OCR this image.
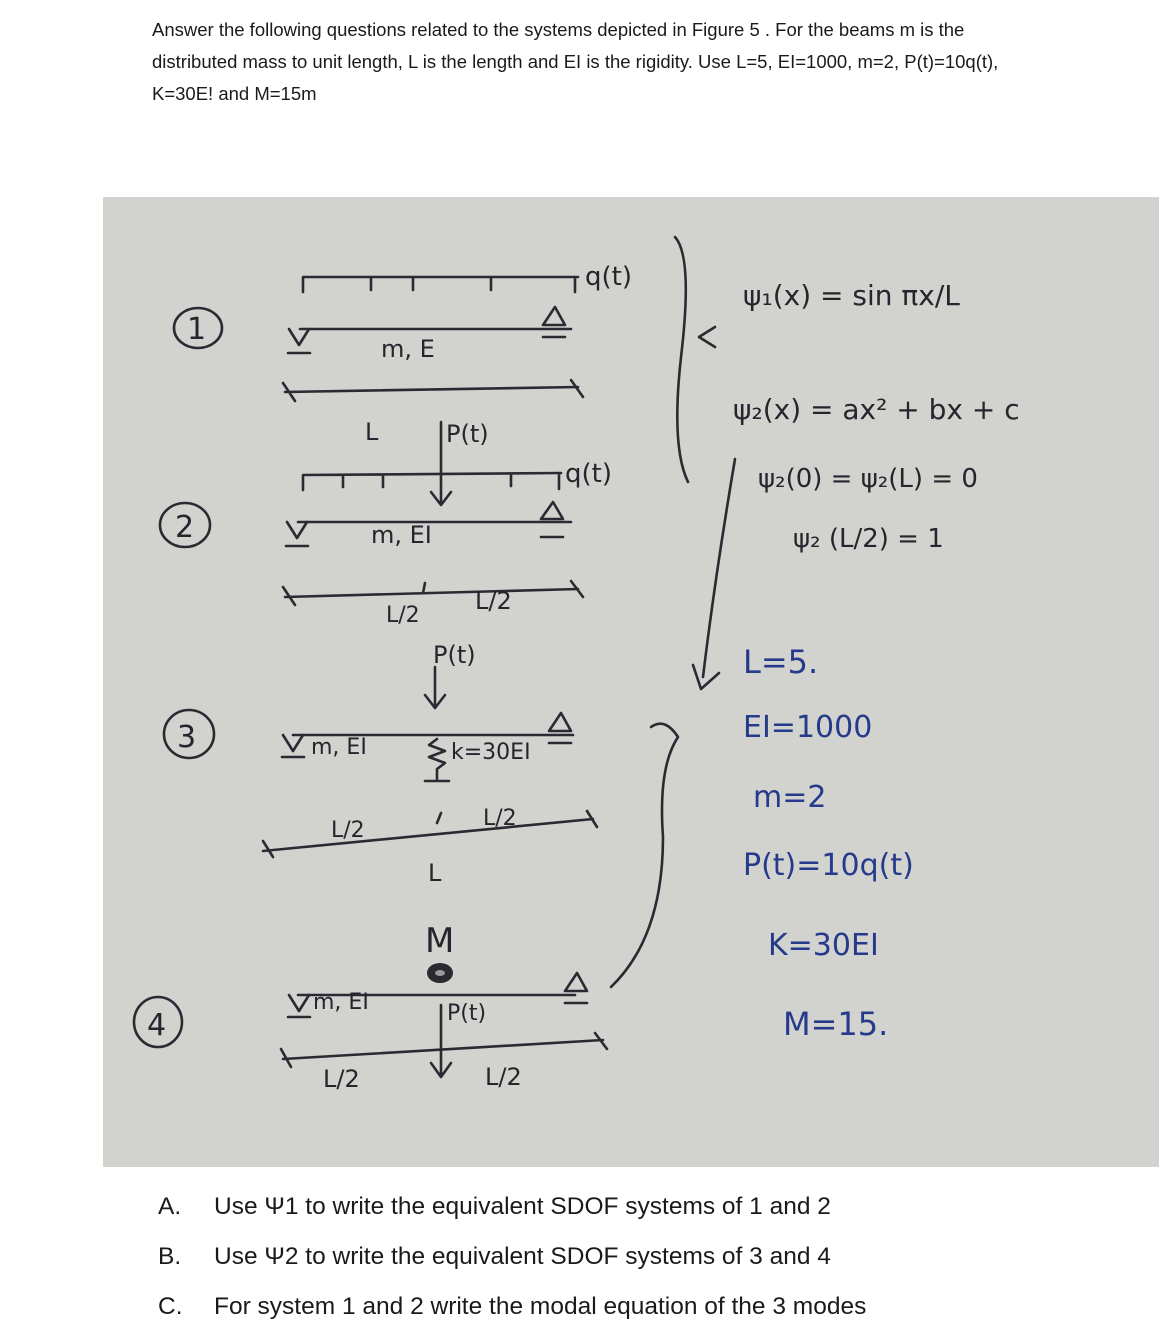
Answer the following questions related to the systems depicted in Figure 5 . For the beams m is the

distributed mass to unit length, L is the length and EI is the rigidity. Use L=5, EI=1000, m=2, P(t)=10q(t),

K=30E! and M=15m

1
q(t)
m, E
L
2
P(t)
q(t)
m, EI
L/2
L/2
3
P(t)
m, EI	k=30EI
L/2	L/2
L
4
M
m, EI	P(t)
L/2	L/2
ψ₁(x) = sin πx/L
ψ₂(x) = ax² + bx + c
ψ₂(0) = ψ₂(L) = 0
ψ₂ (L/2) = 1
L=5.
EI=1000
m=2
P(t)=10q(t)
K=30EI
M=15.
A.	Use Ψ1 to write the equivalent SDOF systems of 1 and 2
B.	Use Ψ2 to write the equivalent SDOF systems of 3 and 4
C.	For system 1 and 2 write the modal equation of the 3 modes
